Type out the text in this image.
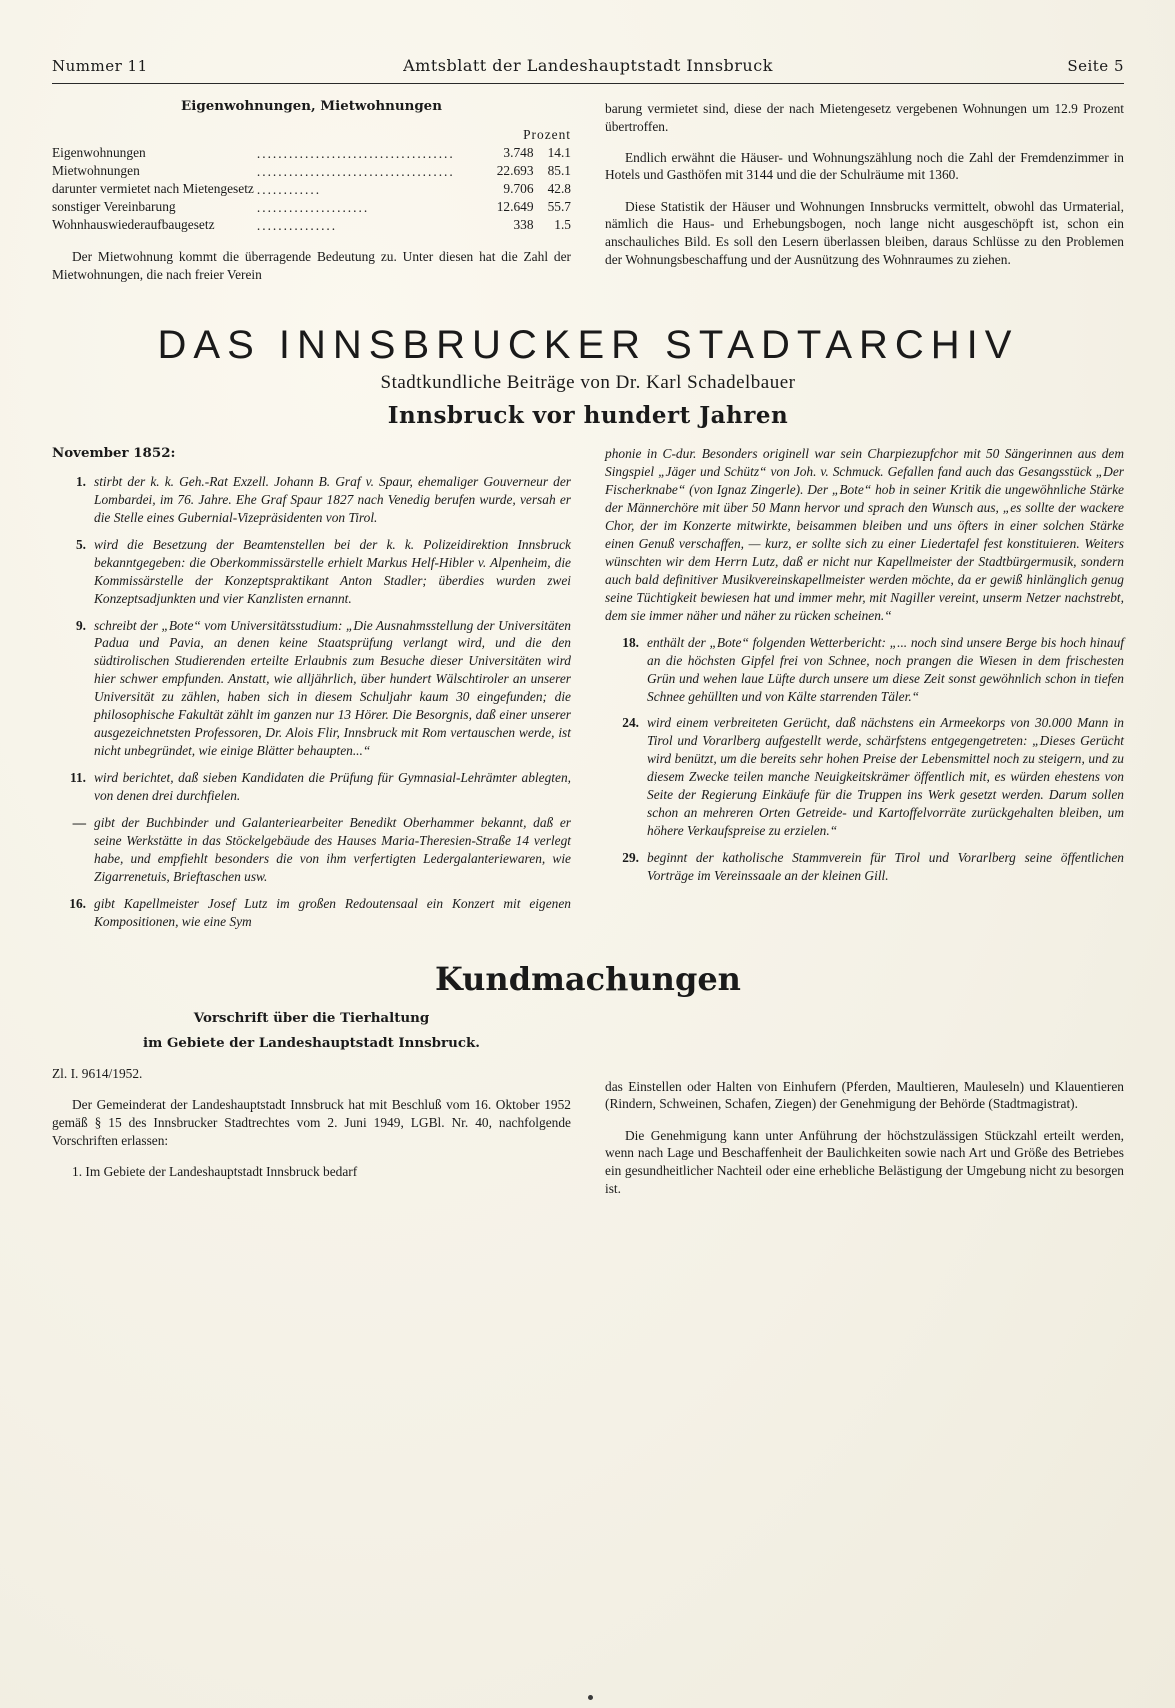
Nummer 11	Amtsblatt der Landeshauptstadt Innsbruck	Seite 5
Eigenwohnungen, Mietwohnungen
Prozent
Eigenwohnungen	.....................................	3.748	14.1
Mietwohnungen	.....................................	22.693	85.1
darunter vermietet nach Mietengesetz	............	9.706	42.8
sonstiger Vereinbarung	.....................	12.649	55.7
Wohnhauswiederaufbaugesetz	...............	338	1.5

Der Mietwohnung kommt die überragende Bedeutung zu. Unter diesen hat die Zahl der Mietwohnungen, die nach freier Verein

barung vermietet sind, diese der nach Mietengesetz vergebenen Wohnungen um 12.9 Prozent übertroffen.

Endlich erwähnt die Häuser- und Wohnungszählung noch die Zahl der Fremdenzimmer in Hotels und Gasthöfen mit 3144 und die der Schulräume mit 1360.

Diese Statistik der Häuser und Wohnungen Innsbrucks vermittelt, obwohl das Urmaterial, nämlich die Haus- und Erhebungsbogen, noch lange nicht ausgeschöpft ist, schon ein anschauliches Bild. Es soll den Lesern überlassen bleiben, daraus Schlüsse zu den Problemen der Wohnungsbeschaffung und der Ausnützung des Wohnraumes zu ziehen.

DAS INNSBRUCKER STADTARCHIV
Stadtkundliche Beiträge von Dr. Karl Schadelbauer
Innsbruck vor hundert Jahren
November 1852:
1. stirbt der k. k. Geh.-Rat Exzell. Johann B. Graf v. Spaur, ehemaliger Gouverneur der Lombardei, im 76. Jahre. Ehe Graf Spaur 1827 nach Venedig berufen wurde, versah er die Stelle eines Gubernial-Vizepräsidenten von Tirol.
5. wird die Besetzung der Beamtenstellen bei der k. k. Polizeidirektion Innsbruck bekanntgegeben: die Oberkommissärstelle erhielt Markus Helf-Hibler v. Alpenheim, die Kommissärstelle der Konzeptspraktikant Anton Stadler; überdies wurden zwei Konzeptsadjunkten und vier Kanzlisten ernannt.
9. schreibt der „Bote“ vom Universitätsstudium: „Die Ausnahmsstellung der Universitäten Padua und Pavia, an denen keine Staatsprüfung verlangt wird, und die den südtirolischen Studierenden erteilte Erlaubnis zum Besuche dieser Universitäten wird hier schwer empfunden. Anstatt, wie alljährlich, über hundert Wälschtiroler an unserer Universität zu zählen, haben sich in diesem Schuljahr kaum 30 eingefunden; die philosophische Fakultät zählt im ganzen nur 13 Hörer. Die Besorgnis, daß einer unserer ausgezeichnetsten Professoren, Dr. Alois Flir, Innsbruck mit Rom vertauschen werde, ist nicht unbegründet, wie einige Blätter behaupten...“
11. wird berichtet, daß sieben Kandidaten die Prüfung für Gymnasial-Lehrämter ablegten, von denen drei durchfielen.
— gibt der Buchbinder und Galanteriearbeiter Benedikt Oberhammer bekannt, daß er seine Werkstätte in das Stöckelgebäude des Hauses Maria-Theresien-Straße 14 verlegt habe, und empfiehlt besonders die von ihm verfertigten Ledergalanteriewaren, wie Zigarrenetuis, Brieftaschen usw.
16. gibt Kapellmeister Josef Lutz im großen Redoutensaal ein Konzert mit eigenen Kompositionen, wie eine Sym
phonie in C-dur. Besonders originell war sein Charpiezupfchor mit 50 Sängerinnen aus dem Singspiel „Jäger und Schütz“ von Joh. v. Schmuck. Gefallen fand auch das Gesangsstück „Der Fischerknabe“ (von Ignaz Zingerle). Der „Bote“ hob in seiner Kritik die ungewöhnliche Stärke der Männerchöre mit über 50 Mann hervor und sprach den Wunsch aus, „es sollte der wackere Chor, der im Konzerte mitwirkte, beisammen bleiben und uns öfters in einer solchen Stärke einen Genuß verschaffen, — kurz, er sollte sich zu einer Liedertafel fest konstituieren. Weiters wünschten wir dem Herrn Lutz, daß er nicht nur Kapellmeister der Stadtbürgermusik, sondern auch bald definitiver Musikvereinskapellmeister werden möchte, da er gewiß hinlänglich genug seine Tüchtigkeit bewiesen hat und immer mehr, mit Nagiller vereint, unserm Netzer nachstrebt, dem sie immer näher und näher zu rücken scheinen.“
18. enthält der „Bote“ folgenden Wetterbericht: „... noch sind unsere Berge bis hoch hinauf an die höchsten Gipfel frei von Schnee, noch prangen die Wiesen in dem frischesten Grün und wehen laue Lüfte durch unsere um diese Zeit sonst gewöhnlich schon in tiefen Schnee gehüllten und von Kälte starrenden Täler.“
24. wird einem verbreiteten Gerücht, daß nächstens ein Armeekorps von 30.000 Mann in Tirol und Vorarlberg aufgestellt werde, schärfstens entgegengetreten: „Dieses Gerücht wird benützt, um die bereits sehr hohen Preise der Lebensmittel noch zu steigern, und zu diesem Zwecke teilen manche Neuigkeitskrämer öffentlich mit, es würden ehestens von Seite der Regierung Einkäufe für die Truppen ins Werk gesetzt werden. Darum sollen schon an mehreren Orten Getreide- und Kartoffelvorräte zurückgehalten bleiben, um höhere Verkaufspreise zu erzielen.“
29. beginnt der katholische Stammverein für Tirol und Vorarlberg seine öffentlichen Vorträge im Vereinssaale an der kleinen Gill.
Kundmachungen
Vorschrift über die Tierhaltung
im Gebiete der Landeshauptstadt Innsbruck.
Zl. I. 9614/1952.

Der Gemeinderat der Landeshauptstadt Innsbruck hat mit Beschluß vom 16. Oktober 1952 gemäß § 15 des Innsbrucker Stadtrechtes vom 2. Juni 1949, LGBl. Nr. 40, nachfolgende Vorschriften erlassen:

1. Im Gebiete der Landeshauptstadt Innsbruck bedarf

das Einstellen oder Halten von Einhufern (Pferden, Maultieren, Mauleseln) und Klauentieren (Rindern, Schweinen, Schafen, Ziegen) der Genehmigung der Behörde (Stadtmagistrat).

Die Genehmigung kann unter Anführung der höchstzulässigen Stückzahl erteilt werden, wenn nach Lage und Beschaffenheit der Baulichkeiten sowie nach Art und Größe des Betriebes ein gesundheitlicher Nachteil oder eine erhebliche Belästigung der Umgebung nicht zu besorgen ist.
